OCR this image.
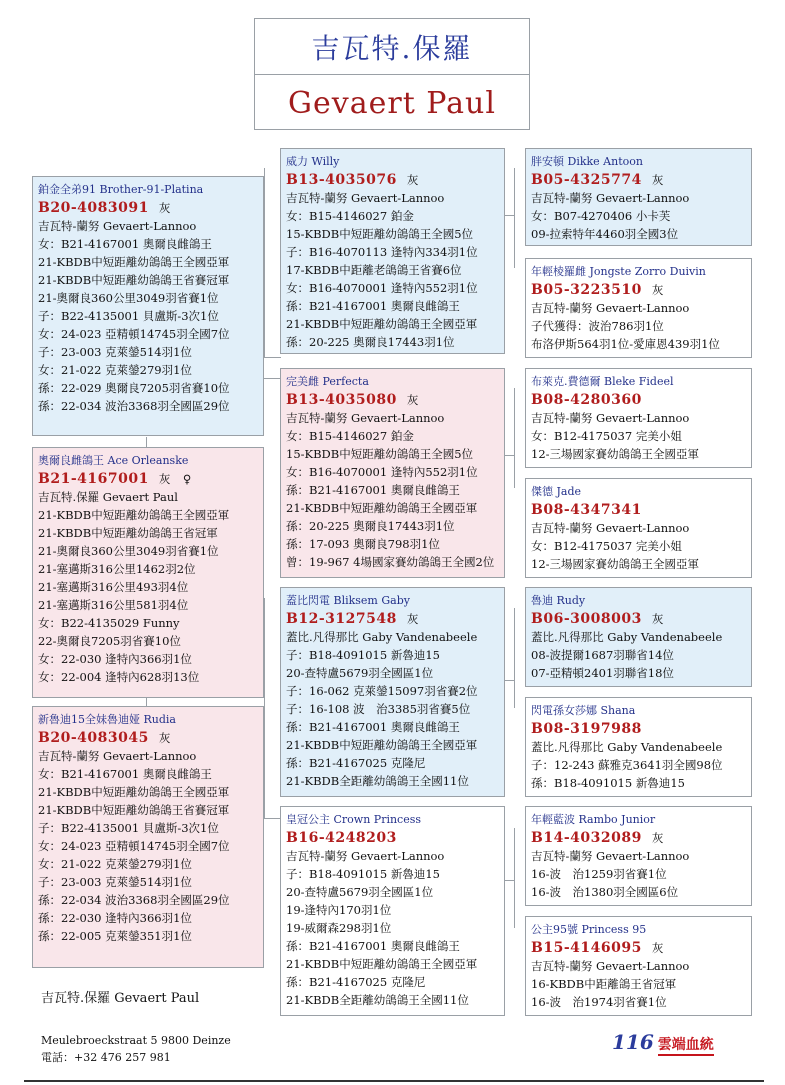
吉瓦特.保羅
Gevaert Paul
鉑金全弟91 Brother-91-Platina
B20-4083091 灰
吉瓦特-蘭努 Gevaert-Lannoo
女：B21-4167001 奧爾良雌鴿王
21-KBDB中短距離幼鴿鴿王全國亞軍
21-KBDB中短距離幼鴿鴿王省賽冠軍
21-奧爾良360公里3049羽省賽1位
子：B22-4135001 貝盧斯-3次1位
女：24-023 亞精頓14745羽全國7位
子：23-003 克萊鎣514羽1位
女：21-022 克萊鎣279羽1位
孫：22-029 奧爾良7205羽省賽10位
孫：22-034 波治3368羽全國區29位
奧爾良雌鴿王 Ace Orleanske
B21-4167001 灰　♀
吉瓦特.保羅 Gevaert Paul
21-KBDB中短距離幼鴿鴿王全國亞軍
21-KBDB中短距離幼鴿鴿王省冠軍
21-奧爾良360公里3049羽省賽1位
21-塞邁斯316公里1462羽2位
21-塞邁斯316公里493羽4位
21-塞邁斯316公里581羽4位
女：B22-4135029 Funny
22-奧爾良7205羽省賽10位
女：22-030 逢特內366羽1位
女：22-004 逢特內628羽13位
新魯迪15全妹魯迪娅 Rudia
B20-4083045 灰
吉瓦特-蘭努 Gevaert-Lannoo
女：B21-4167001 奧爾良雌鴿王
21-KBDB中短距離幼鴿鴿王全國亞軍
21-KBDB中短距離幼鴿鴿王省賽冠軍
子：B22-4135001 貝盧斯-3次1位
女：24-023 亞精頓14745羽全國7位
女：21-022 克萊鎣279羽1位
子：23-003 克萊鎣514羽1位
孫：22-034 波治3368羽全國區29位
孫：22-030 逢特內366羽1位
孫：22-005 克萊鎣351羽1位
威力 Willy
B13-4035076 灰
吉瓦特-蘭努 Gevaert-Lannoo
女：B15-4146027 鉑金
15-KBDB中短距離幼鴿鴿王全國5位
子：B16-4070113 逢特內334羽1位
17-KBDB中距離老鴿鴿王省賽6位
女：B16-4070001 逢特內552羽1位
孫：B21-4167001 奧爾良雌鴿王
21-KBDB中短距離幼鴿鴿王全國亞軍
孫：20-225 奧爾良17443羽1位
完美雌 Perfecta
B13-4035080 灰
吉瓦特-蘭努 Gevaert-Lannoo
女：B15-4146027 鉑金
15-KBDB中短距離幼鴿鴿王全國5位
女：B16-4070001 逢特內552羽1位
孫：B21-4167001 奧爾良雌鴿王
21-KBDB中短距離幼鴿鴿王全國亞軍
孫：20-225 奧爾良17443羽1位
孫：17-093 奧爾良798羽1位
曾：19-967 4場國家賽幼鴿鴿王全國2位
蓋比閃電 Bliksem Gaby
B12-3127548 灰
蓋比.凡得那比 Gaby Vandenabeele
子：B18-4091015 新魯迪15
20-查特盧5679羽全國區1位
子：16-062 克萊鎣15097羽省賽2位
子：16-108 波　治3385羽省賽5位
孫：B21-4167001 奧爾良雌鴿王
21-KBDB中短距離幼鴿鴿王全國亞軍
孫：B21-4167025 克隆尼
21-KBDB全距離幼鴿鴿王全國11位
皇冠公主 Crown Princess
B16-4248203
吉瓦特-蘭努 Gevaert-Lannoo
子：B18-4091015 新魯迪15
20-查特盧5679羽全國區1位
19-逢特內170羽1位
19-威爾森298羽1位
孫：B21-4167001 奧爾良雌鴿王
21-KBDB中短距離幼鴿鴿王全國亞軍
孫：B21-4167025 克隆尼
21-KBDB全距離幼鴿鴿王全國11位
胖安頓 Dikke Antoon
B05-4325774 灰
吉瓦特-蘭努 Gevaert-Lannoo
女：B07-4270406 小卡芙
09-拉索特年4460羽全國3位
年輕棱羅雌 Jongste Zorro Duivin
B05-3223510 灰
吉瓦特-蘭努 Gevaert-Lannoo
子代獲得：波治786羽1位
布洛伊斯564羽1位-愛庫恩439羽1位
布萊克.費德爾 Bleke Fideel
B08-4280360
吉瓦特-蘭努 Gevaert-Lannoo
女：B12-4175037 完美小姐
12-三場國家賽幼鴿鴿王全國亞軍
傑德 Jade
B08-4347341
吉瓦特-蘭努 Gevaert-Lannoo
女：B12-4175037 完美小姐
12-三場國家賽幼鴿鴿王全國亞軍
魯迪 Rudy
B06-3008003 灰
蓋比.凡得那比 Gaby Vandenabeele
08-波提爾1687羽聯省14位
07-亞精頓2401羽聯省18位
閃電孫女莎娜 Shana
B08-3197988
蓋比.凡得那比 Gaby Vandenabeele
子：12-243 蘇雅克3641羽全國98位
孫：B18-4091015 新魯迪15
年輕藍波 Rambo Junior
B14-4032089 灰
吉瓦特-蘭努 Gevaert-Lannoo
16-波　治1259羽省賽1位
16-波　治1380羽全國區6位
公主95號 Princess 95
B15-4146095 灰
吉瓦特-蘭努 Gevaert-Lannoo
16-KBDB中距離鴿王省冠軍
16-波　治1974羽省賽1位
吉瓦特.保羅 Gevaert Paul
Meulebroeckstraat 5 9800 Deinze
電話：+32 476 257 981
116 雲端血統
